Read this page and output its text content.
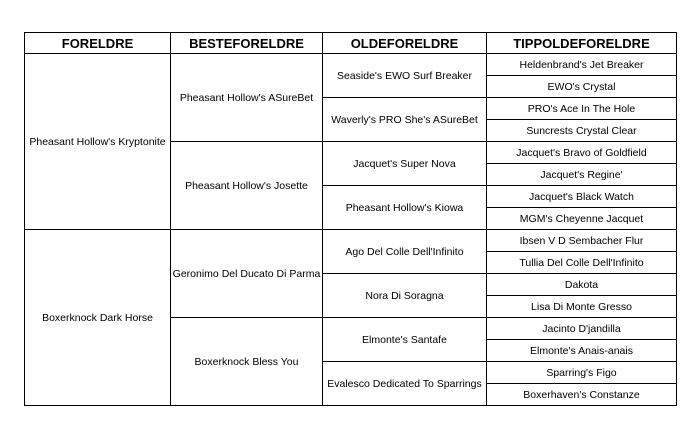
FORELDRE	BESTEFORELDRE	OLDEFORELDRE	TIPPOLDEFORELDRE
Pheasant Hollow's Kryptonite	Pheasant Hollow's ASureBet	Seaside's EWO Surf Breaker	Heldenbrand's Jet Breaker
			EWO's Crystal
		Waverly's PRO She's ASureBet	PRO's Ace In The Hole
			Suncrests Crystal Clear
	Pheasant Hollow's Josette	Jacquet's Super Nova	Jacquet's Bravo of Goldfield
			Jacquet's Regine'
		Pheasant Hollow's Kiowa	Jacquet's Black Watch
			MGM's Cheyenne Jacquet
Boxerknock Dark Horse	Geronimo Del Ducato Di Parma	Ago Del Colle Dell'Infinito	Ibsen V D Sembacher Flur
			Tullia Del Colle Dell'Infinito
		Nora Di Soragna	Dakota
			Lisa Di Monte Gresso
	Boxerknock Bless You	Elmonte's Santafe	Jacinto D'jandilla
			Elmonte's Anais-anais
		Evalesco Dedicated To Sparrings	Sparring's Figo
			Boxerhaven's Constanze
